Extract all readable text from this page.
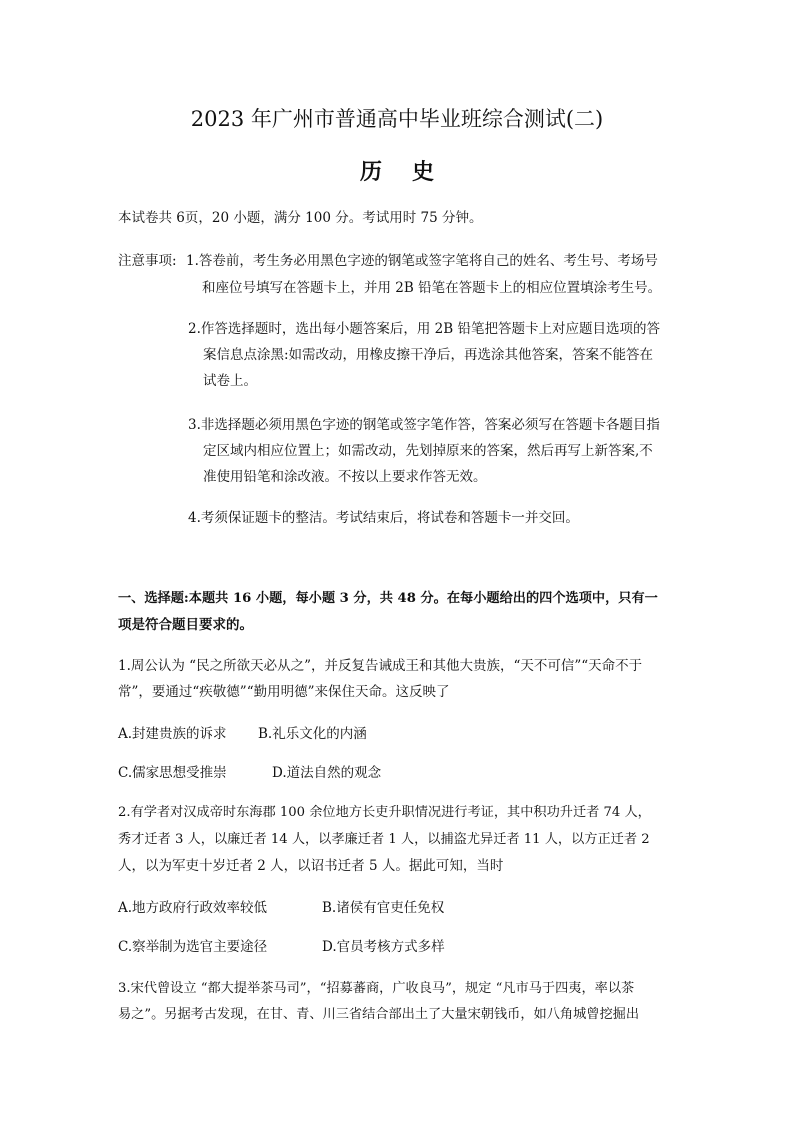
2023 年广州市普通高中毕业班综合测试(二)
历史
本试卷共 6页，20 小题，满分 100 分。考试用时 75 分钟。
注意事项: 1.答卷前，考生务必用黑色字迹的钢笔或签字笔将自己的姓名、考生号、考场号
和座位号填写在答题卡上，并用 2B 铅笔在答题卡上的相应位置填涂考生号。
2.作答选择题时，选出每小题答案后，用 2B 铅笔把答题卡上对应题目选项的答
案信息点涂黑:如需改动，用橡皮擦干净后，再选涂其他答案，答案不能答在
试卷上。
3.非选择题必须用黑色字迹的钢笔或签字笔作答，答案必须写在答题卡各题目指
定区域内相应位置上；如需改动，先划掉原来的答案，然后再写上新答案,不
准使用铅笔和涂改液。不按以上要求作答无效。
4.考须保证题卡的整洁。考试结束后，将试卷和答题卡一并交回。
一、选择题:本题共 16 小题，每小题 3 分，共 48 分。在每小题给出的四个选项中，只有一
项是符合题目要求的。
1.周公认为 “民之所欲天必从之”，并反复告诫成王和其他大贵族，“天不可信”“天命不于
常”，要通过“疾敬德”“勤用明德”来保住天命。这反映了
A.封建贵族的诉求 B.礼乐文化的内涵
C.儒家思想受推崇	D.道法自然的观念
2.有学者对汉成帝时东海郡 100 余位地方长吏升职情况进行考证，其中积功升迁者 74 人，
秀才迁者 3 人，以廉迁者 14 人，以孝廉迁者 1 人，以捕盗尤异迁者 11 人，以方正迁者 2
人，以为军吏十岁迁者 2 人，以诏书迁者 5 人。据此可知，当时
A.地方政府行政效率较低	B.诸侯有官吏任免权
C.察举制为选官主要途径	D.官员考核方式多样
3.宋代曾设立 “都大提举茶马司”，“招募蕃商，广收良马”，规定 “凡市马于四夷，率以茶
易之”。另据考古发现，在甘、青、川三省结合部出土了大量宋朝钱币，如八角城曾挖掘出
